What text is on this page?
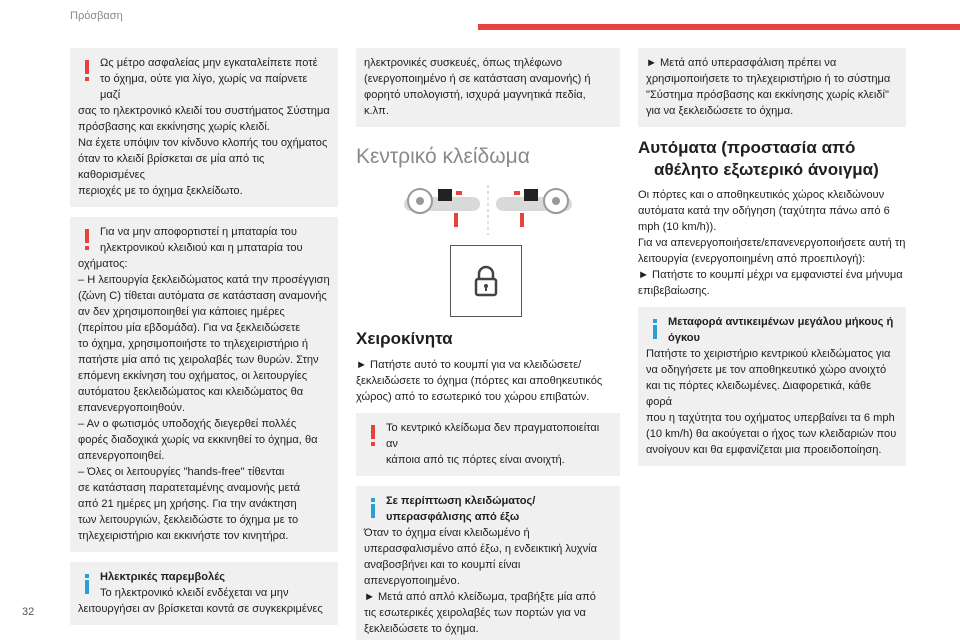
Πρόσβαση

Ως μέτρο ασφαλείας μην εγκαταλείπετε ποτέ

το όχημα, ούτε για λίγο, χωρίς να παίρνετε μαζί

σας το ηλεκτρονικό κλειδί του συστήματος Σύστημα

πρόσβασης και εκκίνησης χωρίς κλειδί.

Να έχετε υπόψιν τον κίνδυνο κλοπής του οχήματος

όταν το κλειδί βρίσκεται σε μία από τις καθορισμένες

περιοχές με το όχημα ξεκλείδωτο.

Για να μην αποφορτιστεί η μπαταρία του

ηλεκτρονικού κλειδιού και η μπαταρία του

οχήματος:

– Η λειτουργία ξεκλειδώματος κατά την προσέγγιση

(ζώνη C) τίθεται αυτόματα σε κατάσταση αναμονής

αν δεν χρησιμοποιηθεί για κάποιες ημέρες

(περίπου μία εβδομάδα). Για να ξεκλειδώσετε

το όχημα, χρησιμοποιήστε το τηλεχειριστήριο ή

πατήστε μία από τις χειρολαβές των θυρών. Στην

επόμενη εκκίνηση του οχήματος, οι λειτουργίες

αυτόματου ξεκλειδώματος και κλειδώματος θα

επανενεργοποιηθούν.

– Αν ο φωτισμός υποδοχής διεγερθεί πολλές

φορές διαδοχικά χωρίς να εκκινηθεί το όχημα, θα

απενεργοποιηθεί.

– Όλες οι λειτουργίες "hands-free" τίθενται

σε κατάσταση παρατεταμένης αναμονής μετά

από 21 ημέρες μη χρήσης. Για την ανάκτηση

των λειτουργιών, ξεκλειδώστε το όχημα με το

τηλεχειριστήριο και εκκινήστε τον κινητήρα.

Ηλεκτρικές παρεμβολές

Το ηλεκτρονικό κλειδί ενδέχεται να μην

λειτουργήσει αν βρίσκεται κοντά σε συγκεκριμένες

ηλεκτρονικές συσκευές, όπως τηλέφωνο

(ενεργοποιημένο ή σε κατάσταση αναμονής) ή

φορητό υπολογιστή, ισχυρά μαγνητικά πεδία, κ.λπ.

Κεντρικό κλείδωμα
Χειροκίνητα

► Πατήστε αυτό το κουμπί για να κλειδώσετε/

ξεκλειδώσετε το όχημα (πόρτες και αποθηκευτικός

χώρος) από το εσωτερικό του χώρου επιβατών.

Το κεντρικό κλείδωμα δεν πραγματοποιείται αν

κάποια από τις πόρτες είναι ανοιχτή.

Σε περίπτωση κλειδώματος/

υπερασφάλισης από έξω

Όταν το όχημα είναι κλειδωμένο ή

υπερασφαλισμένο από έξω, η ενδεικτική λυχνία

αναβοσβήνει και το κουμπί είναι απενεργοποιημένο.

► Μετά από απλό κλείδωμα, τραβήξτε μία από

τις εσωτερικές χειρολαβές των πορτών για να

ξεκλειδώσετε το όχημα.

► Μετά από υπερασφάλιση πρέπει να

χρησιμοποιήσετε το τηλεχειριστήριο ή το σύστημα

"Σύστημα πρόσβασης και εκκίνησης χωρίς κλειδί"

για να ξεκλειδώσετε το όχημα.

Αυτόματα (προστασία από
αθέλητο εξωτερικό άνοιγμα)

Οι πόρτες και ο αποθηκευτικός χώρος κλειδώνουν

αυτόματα κατά την οδήγηση (ταχύτητα πάνω από 6

mph (10 km/h)).

Για να απενεργοποιήσετε/επανενεργοποιήσετε αυτή τη

λειτουργία (ενεργοποιημένη από προεπιλογή):

► Πατήστε το κουμπί μέχρι να εμφανιστεί ένα μήνυμα

επιβεβαίωσης.

Μεταφορά αντικειμένων μεγάλου μήκους ή

όγκου

Πατήστε το χειριστήριο κεντρικού κλειδώματος για

να οδηγήσετε με τον αποθηκευτικό χώρο ανοιχτό

και τις πόρτες κλειδωμένες. Διαφορετικά, κάθε φορά

που η ταχύτητα του οχήματος υπερβαίνει τα 6 mph

(10 km/h) θα ακούγεται ο ήχος των κλειδαριών που

ανοίγουν και θα εμφανίζεται μια προειδοποίηση.

32
